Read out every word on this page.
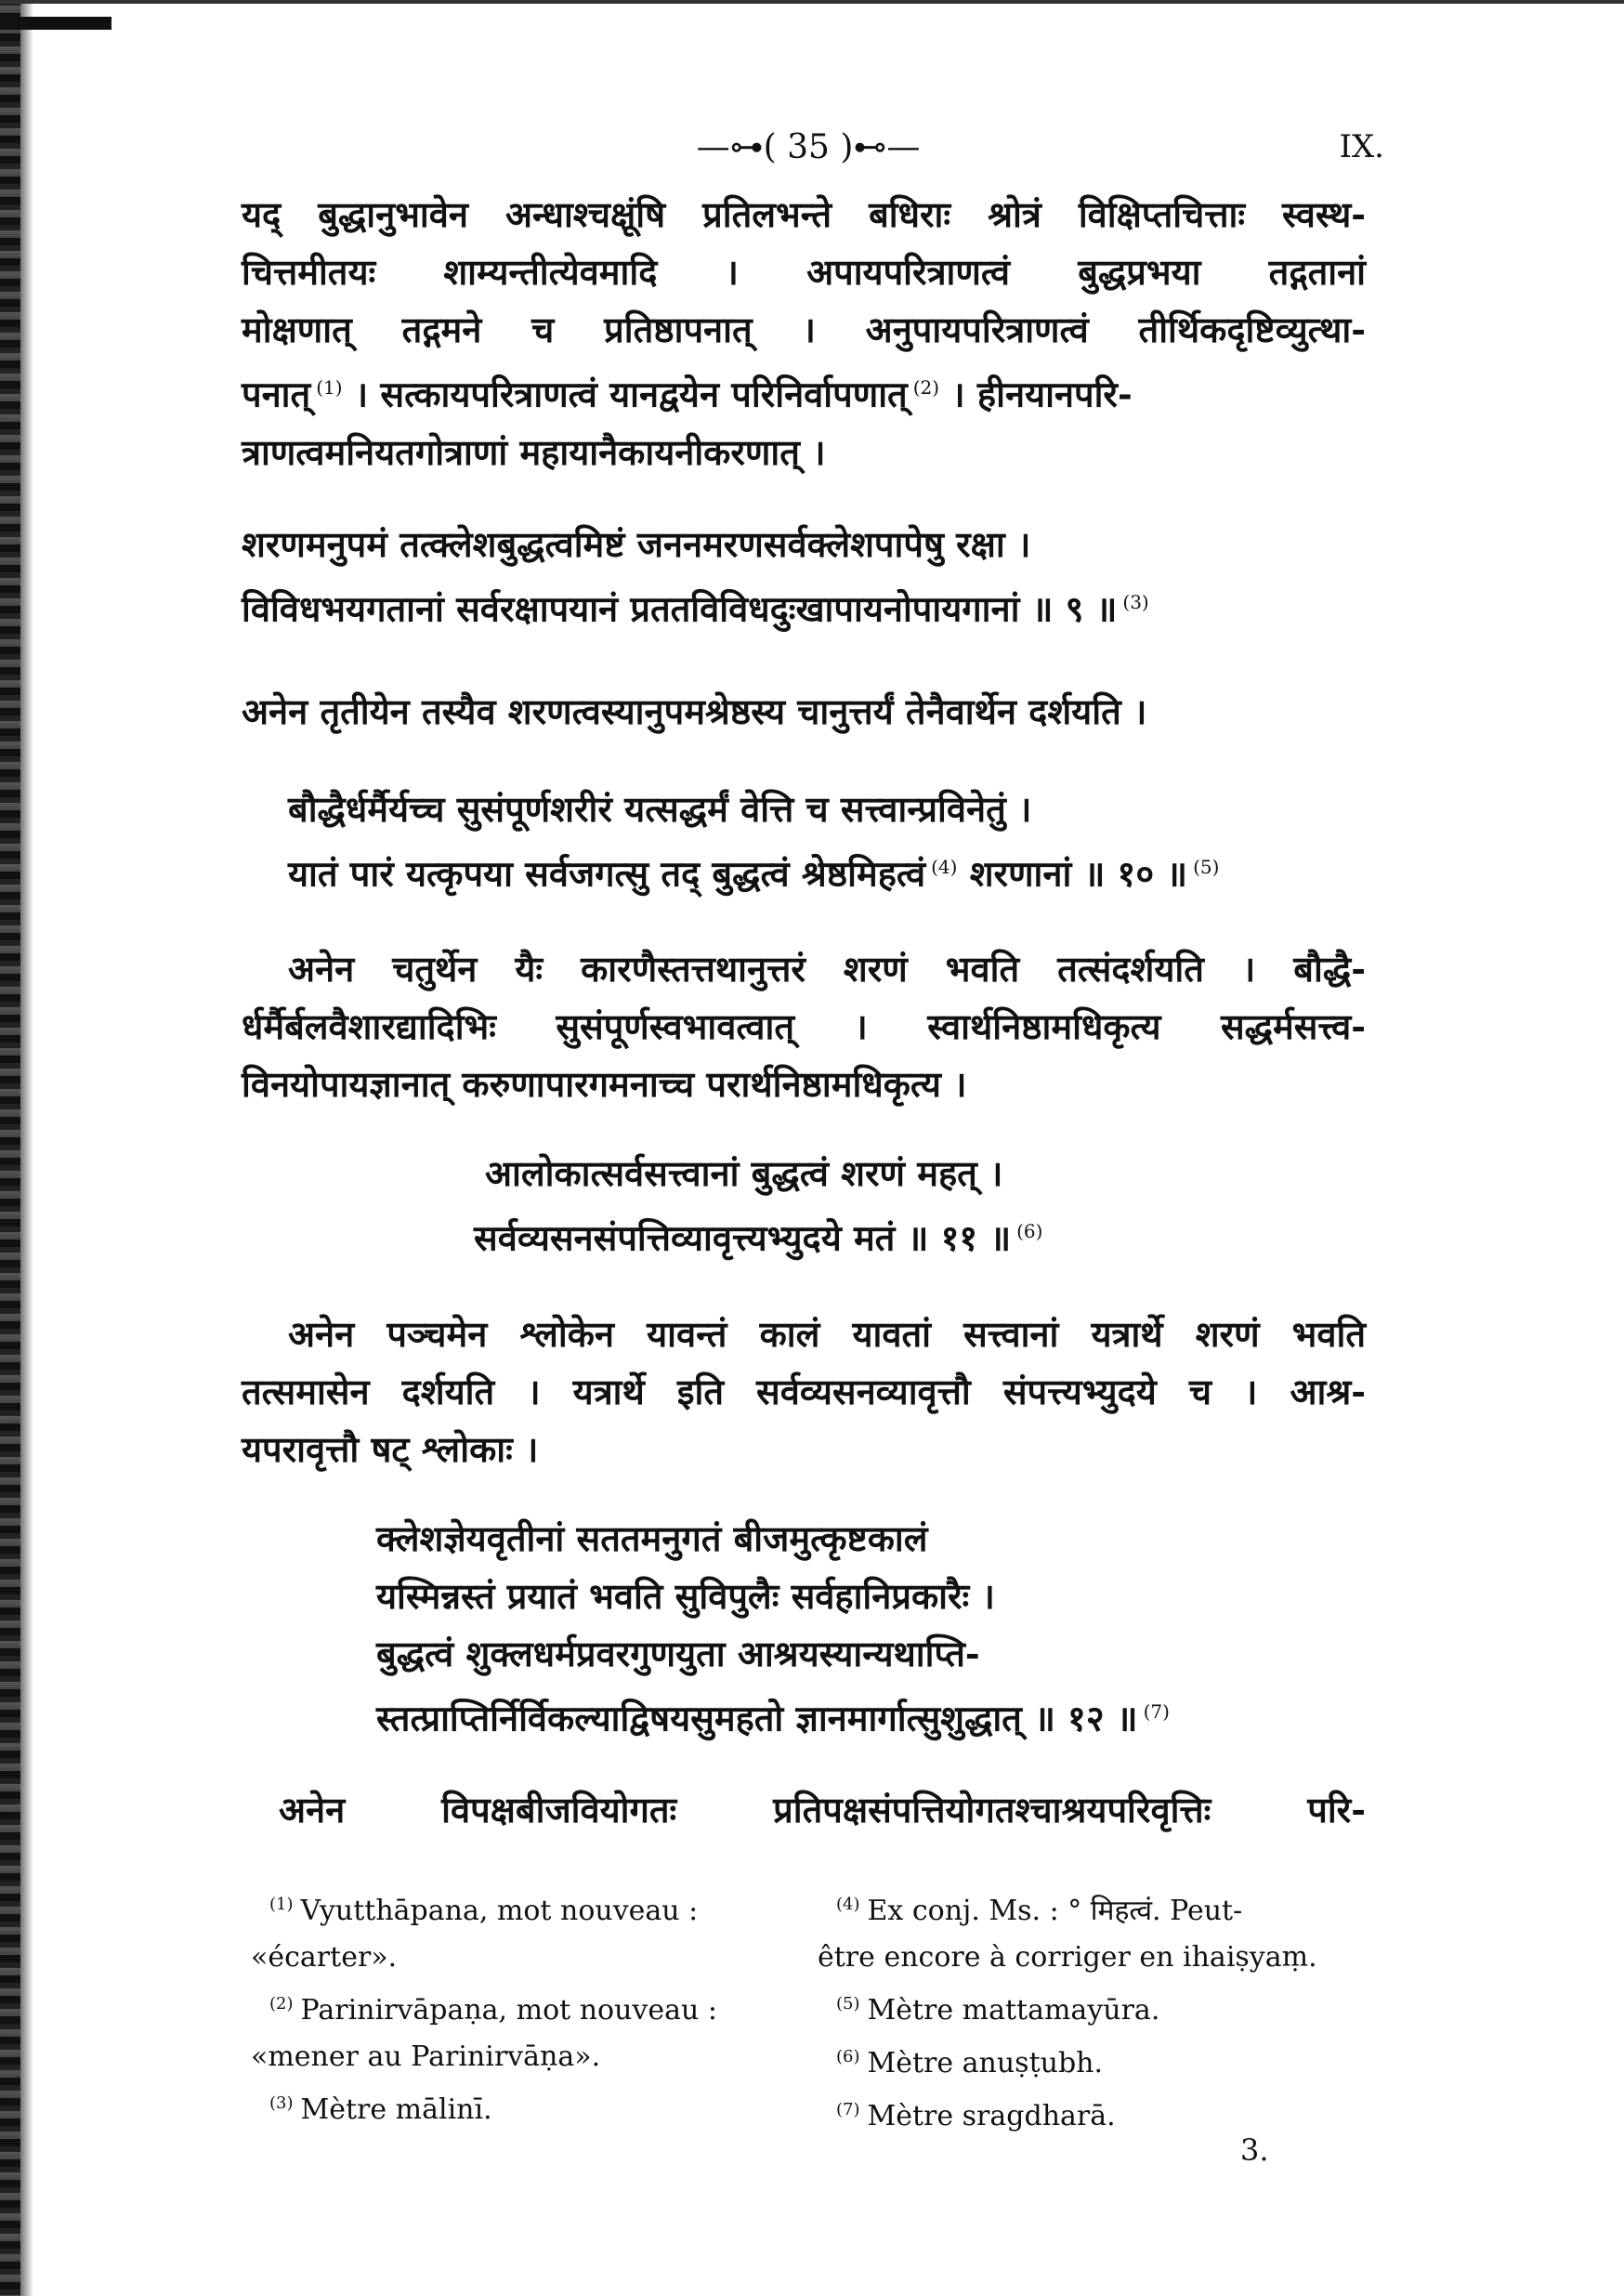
—⊶( 35 )⊷—	IX.
यद् बुद्धानुभावेन अन्धाश्चक्षूंषि प्रतिलभन्ते बधिराः श्रोत्रं विक्षिप्तचित्ताः स्वस्थ-
चित्तमीतयः शाम्यन्तीत्येवमादि । अपायपरित्राणत्वं बुद्धप्रभया तद्गतानां
मोक्षणात् तद्गमने च प्रतिष्ठापनात् । अनुपायपरित्राणत्वं तीर्थिकदृष्टिव्युत्था-
पनात् $^{(1)}$ । सत्कायपरित्राणत्वं यानद्वयेन परिनिर्वापणात् $^{(2)}$ । हीनयानपरि-
त्राणत्वमनियतगोत्राणां महायानैकायनीकरणात् ।
शरणमनुपमं तत्क्लेशबुद्धत्वमिष्टं जननमरणसर्वक्लेशपापेषु रक्षा ।
विविधभयगतानां सर्वरक्षापयानं प्रततविविधदुःखापायनोपायगानां ॥ ९ ॥ $^{(3)}$
अनेन तृतीयेन तस्यैव शरणत्वस्यानुपमश्रेष्ठस्य चानुत्तर्यं तेनैवार्थेन दर्शयति ।
बौद्धैर्धर्मैर्यच्च सुसंपूर्णशरीरं यत्सद्धर्मं वेत्ति च सत्त्वान्प्रविनेतुं ।
यातं पारं यत्कृपया सर्वजगत्सु तद् बुद्धत्वं श्रेष्ठमिहत्वं $^{(4)}$ शरणानां ॥ १० ॥ $^{(5)}$
अनेन चतुर्थेन यैः कारणैस्तत्तथानुत्तरं शरणं भवति तत्संदर्शयति । बौद्धै-
र्धर्मैर्बलवैशारद्यादिभिः सुसंपूर्णस्वभावत्वात् । स्वार्थनिष्ठामधिकृत्य सद्धर्मसत्त्व-
विनयोपायज्ञानात् करुणापारगमनाच्च परार्थनिष्ठामधिकृत्य ।
आलोकात्सर्वसत्त्वानां बुद्धत्वं शरणं महत् ।
सर्वव्यसनसंपत्तिव्यावृत्त्यभ्युदये मतं ॥ ११ ॥ $^{(6)}$
अनेन पञ्चमेन श्लोकेन यावन्तं कालं यावतां सत्त्वानां यत्रार्थे शरणं भवति
तत्समासेन दर्शयति । यत्रार्थे इति सर्वव्यसनव्यावृत्तौ संपत्त्यभ्युदये च । आश्र-
यपरावृत्तौ षट् श्लोकाः ।
क्लेशज्ञेयवृतीनां सततमनुगतं बीजमुत्कृष्टकालं
यस्मिन्नस्तं प्रयातं भवति सुविपुलैः सर्वहानिप्रकारैः ।
बुद्धत्वं शुक्लधर्मप्रवरगुणयुता आश्रयस्यान्यथाप्ति-
स्तत्प्राप्तिर्निर्विकल्याद्विषयसुमहतो ज्ञानमार्गात्सुशुद्धात् ॥ १२ ॥ $^{(7)}$
अनेन विपक्षबीजवियोगतः प्रतिपक्षसंपत्तियोगतश्चाश्रयपरिवृत्तिः परि-
$^{(1)}$ Vyutthāpana, mot nouveau :
«écarter».
$^{(2)}$ Parinirvāpaṇa, mot nouveau :
«mener au Parinirvāṇa».
$^{(3)}$ Mètre mālinī.
$^{(4)}$ Ex conj. Ms. : ° मिहत्वं. Peut-
être encore à corriger en ihaiṣyaṃ.
$^{(5)}$ Mètre mattamayūra.
$^{(6)}$ Mètre anuṣṭubh.
$^{(7)}$ Mètre sragdharā.
3.
